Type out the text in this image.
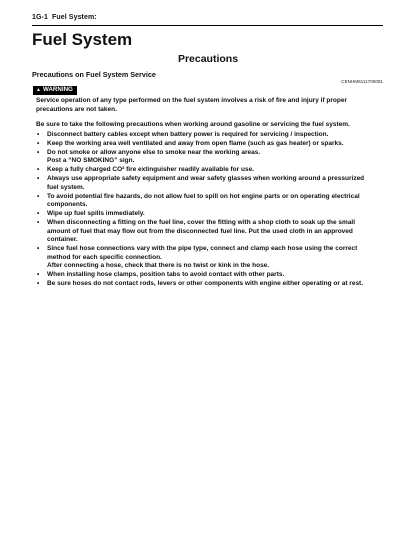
1G-1 Fuel System:
Fuel System
Precautions
Precautions on Fuel System Service
CENHM6111700001
▲ WARNING
Service operation of any type performed on the fuel system involves a risk of fire and injury if proper precautions are not taken.
Be sure to take the following precautions when working around gasoline or servicing the fuel system.
• Disconnect battery cables except when battery power is required for servicing / inspection.
• Keep the working area well ventilated and away from open flame (such as gas heater) or sparks.
• Do not smoke or allow anyone else to smoke near the working areas.
Post a “NO SMOKING” sign.
• Keep a fully charged CO² fire extinguisher readily available for use.
• Always use appropriate safety equipment and wear safety glasses when working around a pressurized fuel system.
• To avoid potential fire hazards, do not allow fuel to spill on hot engine parts or on operating electrical components.
• Wipe up fuel spills immediately.
• When disconnecting a fitting on the fuel line, cover the fitting with a shop cloth to soak up the small amount of fuel that may flow out from the disconnected fuel line. Put the used cloth in an approved container.
• Since fuel hose connections vary with the pipe type, connect and clamp each hose using the correct method for each specific connection.
After connecting a hose, check that there is no twist or kink in the hose.
• When installing hose clamps, position tabs to avoid contact with other parts.
• Be sure hoses do not contact rods, levers or other components with engine either operating or at rest.
